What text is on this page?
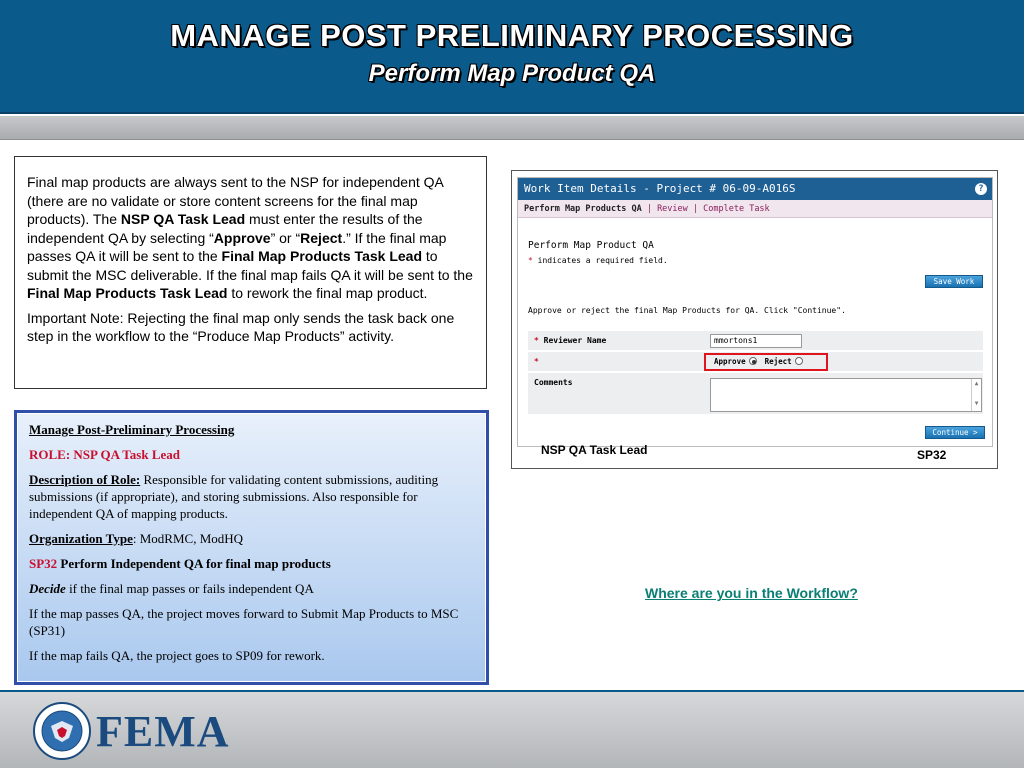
MANAGE POST PRELIMINARY PROCESSING
Perform Map Product QA

Final map products are always sent to the NSP for independent QA (there are no validate or store content screens for the final map products). The NSP QA Task Lead must enter the results of the independent QA by selecting “Approve” or “Reject.” If the final map passes QA it will be sent to the Final Map Products Task Lead to submit the MSC deliverable. If the final map fails QA it will be sent to the Final Map Products Task Lead to rework the final map product.

Important Note: Rejecting the final map only sends the task back one step in the workflow to the “Produce Map Products” activity.

Manage Post-Preliminary Processing

ROLE: NSP QA Task Lead

Description of Role: Responsible for validating content submissions, auditing submissions (if appropriate), and storing submissions. Also responsible for independent QA of mapping products.

Organization Type: ModRMC, ModHQ

SP32 Perform Independent QA for final map products

Decide if the final map passes or fails independent QA

If the map passes QA, the project moves forward to Submit Map Products to MSC (SP31)

If the map fails QA, the project goes to SP09 for rework.

Work Item Details - Project # 06-09-A016S	?
Perform Map Products QA | Review | Complete Task
Perform Map Product QA
* indicates a required field.
Save Work
Approve or reject the final Map Products for QA. Click "Continue".
* Reviewer Name	mmortons1
*	Approve	Reject
Comments	▲

▼
Continue >
NSP QA Task Lead	SP32
Where are you in the Workflow?
FEMA
